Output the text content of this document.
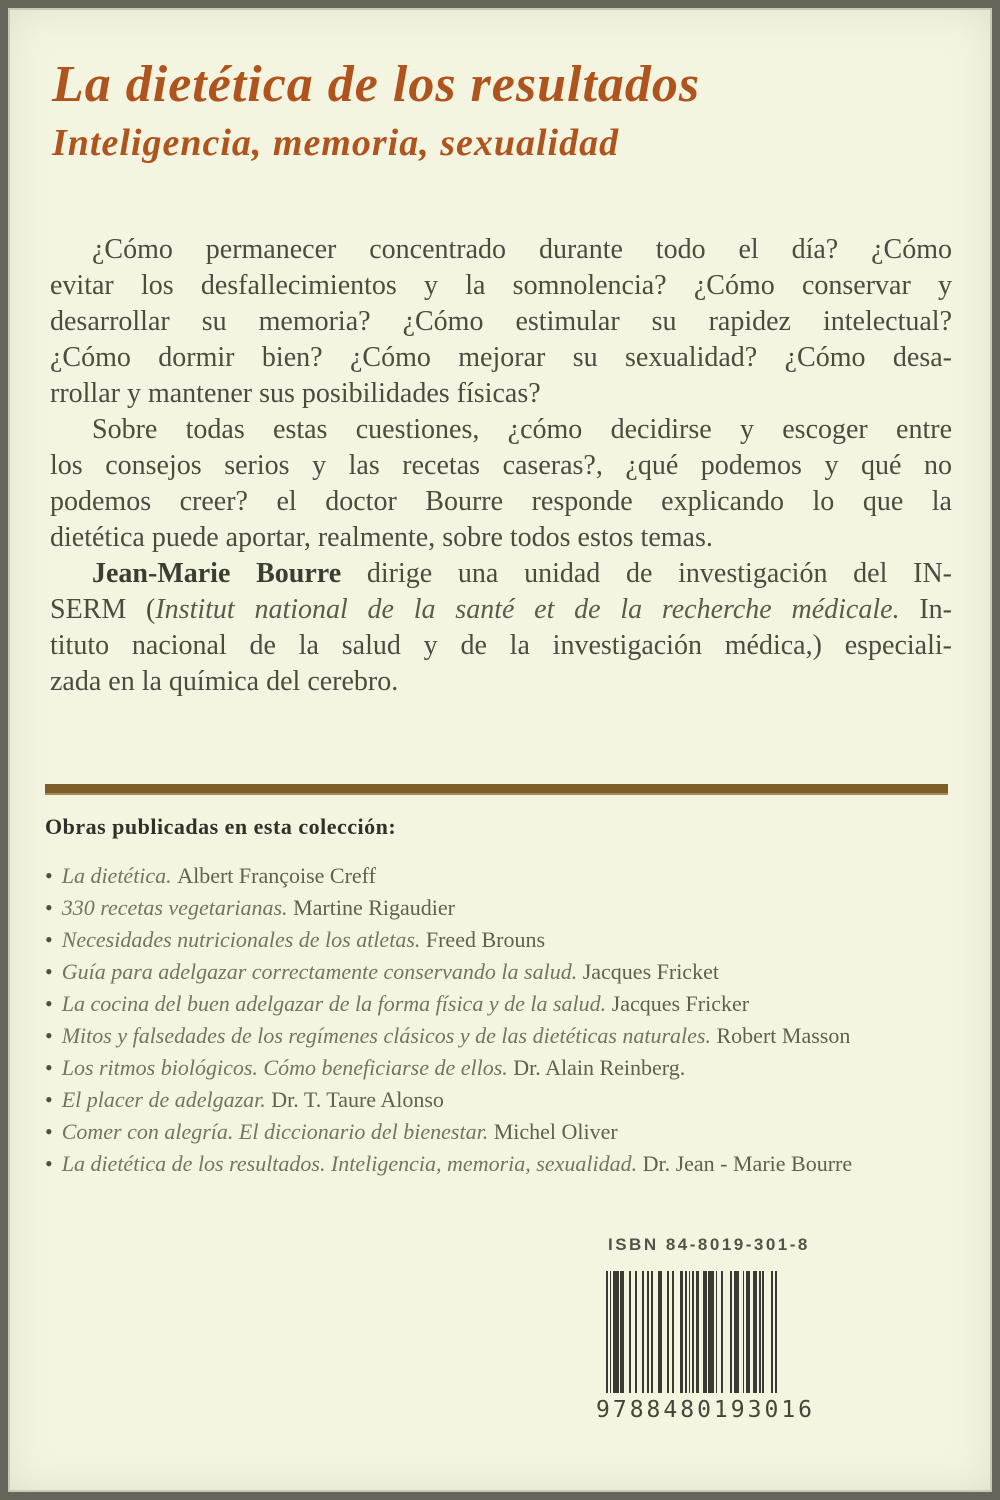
La dietética de los resultados
Inteligencia, memoria, sexualidad
¿Cómo permanecer concentrado durante todo el día? ¿Cómo
evitar los desfallecimientos y la somnolencia? ¿Cómo conservar y
desarrollar su memoria? ¿Cómo estimular su rapidez intelectual?
¿Cómo dormir bien? ¿Cómo mejorar su sexualidad? ¿Cómo desa-
rrollar y mantener sus posibilidades físicas?
Sobre todas estas cuestiones, ¿cómo decidirse y escoger entre
los consejos serios y las recetas caseras?, ¿qué podemos y qué no
podemos creer? el doctor Bourre responde explicando lo que la
dietética puede aportar, realmente, sobre todos estos temas.
Jean-Marie Bourre dirige una unidad de investigación del IN-
SERM (Institut national de la santé et de la recherche médicale. In-
tituto nacional de la salud y de la investigación médica,) especiali-
zada en la química del cerebro.
Obras publicadas en esta colección:
• La dietética. Albert Françoise Creff
• 330 recetas vegetarianas. Martine Rigaudier
• Necesidades nutricionales de los atletas. Freed Brouns
• Guía para adelgazar correctamente conservando la salud. Jacques Fricket
• La cocina del buen adelgazar de la forma física y de la salud. Jacques Fricker
• Mitos y falsedades de los regímenes clásicos y de las dietéticas naturales. Robert Masson
• Los ritmos biológicos. Cómo beneficiarse de ellos. Dr. Alain Reinberg.
• El placer de adelgazar. Dr. T. Taure Alonso
• Comer con alegría. El diccionario del bienestar. Michel Oliver
• La dietética de los resultados. Inteligencia, memoria, sexualidad. Dr. Jean - Marie Bourre
ISBN 84-8019-301-8
9788480193016
